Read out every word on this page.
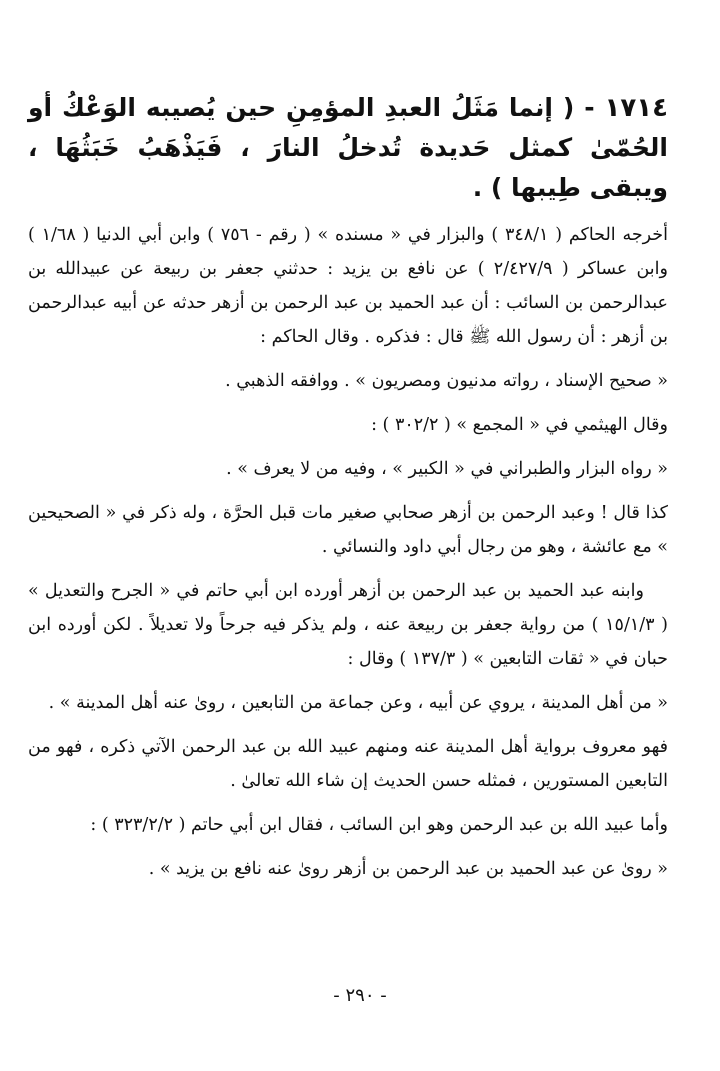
١٧١٤ - ( إنما مَثَلُ العبدِ المؤمِنِ حين يُصيبه الوَعْكُ أو الحُمّىٰ كمثل حَديدة تُدخلُ النارَ ، فَيَذْهَبُ خَبَثُهَا ، ويبقى طِيبها ) .
أخرجه الحاكم ( ٣٤٨/١ ) والبزار في « مسنده » ( رقم - ٧٥٦ ) وابن أبي الدنيا ( ١/٦٨ ) وابن عساكر ( ٢/٤٢٧/٩ ) عن نافع بن يزيد : حدثني جعفر بن ربيعة عن عبيدالله بن عبدالرحمن بن السائب : أن عبد الحميد بن عبد الرحمن بن أزهر حدثه عن أبيه عبدالرحمن بن أزهر : أن رسول الله ﷺ قال : فذكره . وقال الحاكم :
« صحيح الإسناد ، رواته مدنيون ومصريون » . ووافقه الذهبي .
وقال الهيثمي في « المجمع » ( ٣٠٢/٢ ) :
« رواه البزار والطبراني في « الكبير » ، وفيه من لا يعرف » .
كذا قال ! وعبد الرحمن بن أزهر صحابي صغير مات قبل الحرَّة ، وله ذكر في « الصحيحين » مع عائشة ، وهو من رجال أبي داود والنسائي .
وابنه عبد الحميد بن عبد الرحمن بن أزهر أورده ابن أبي حاتم في « الجرح والتعديل » ( ١٥/١/٣ ) من رواية جعفر بن ربيعة عنه ، ولم يذكر فيه جرحاً ولا تعديلاً . لكن أورده ابن حبان في « ثقات التابعين » ( ١٣٧/٣ ) وقال :
« من أهل المدينة ، يروي عن أبيه ، وعن جماعة من التابعين ، روىٰ عنه أهل المدينة » .
فهو معروف برواية أهل المدينة عنه ومنهم عبيد الله بن عبد الرحمن الآتي ذكره ، فهو من التابعين المستورين ، فمثله حسن الحديث إن شاء الله تعالىٰ .
وأما عبيد الله بن عبد الرحمن وهو ابن السائب ، فقال ابن أبي حاتم ( ٣٢٣/٢/٢ ) :
« روىٰ عن عبد الحميد بن عبد الرحمن بن أزهر روىٰ عنه نافع بن يزيد » .
- ٢٩٠ -
